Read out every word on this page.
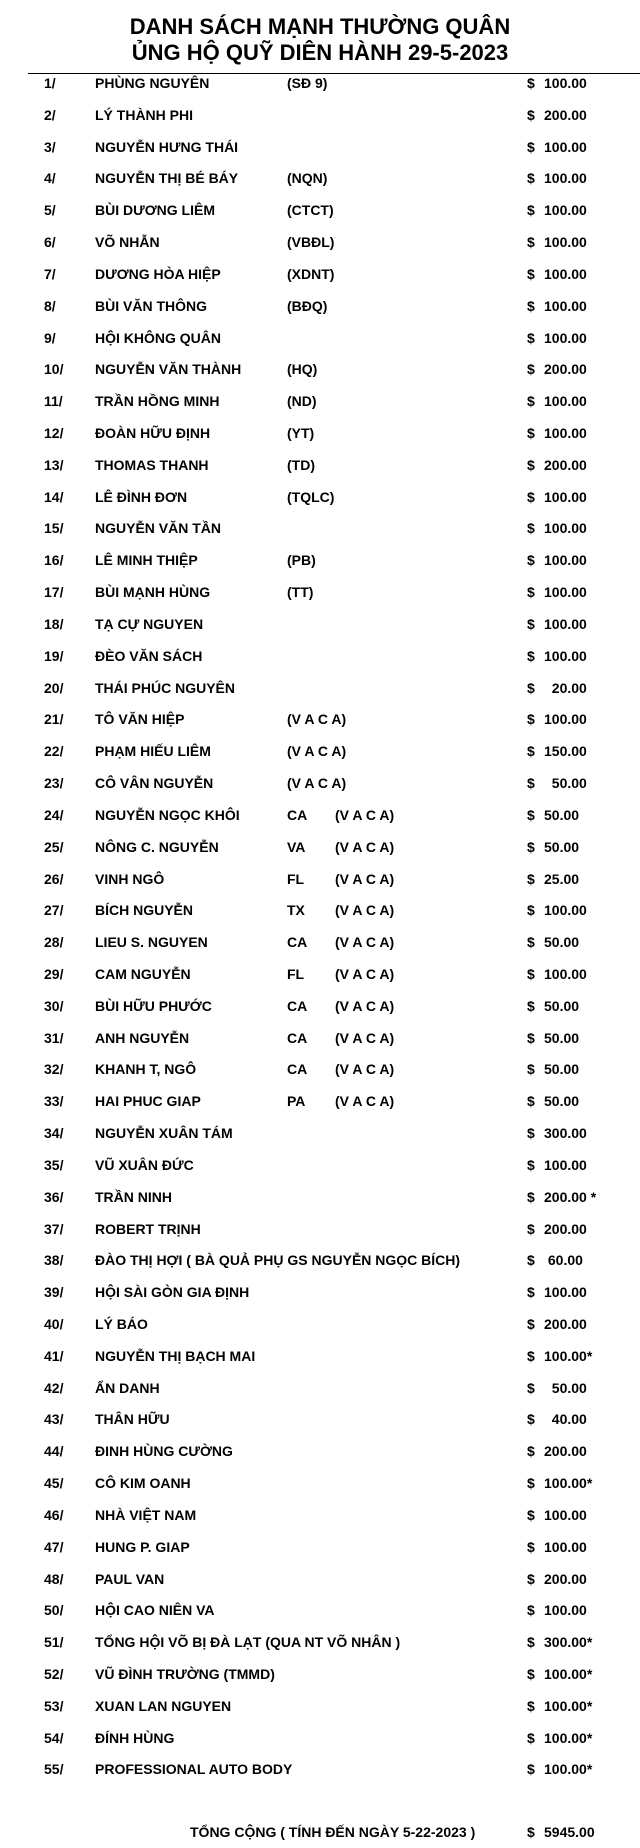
DANH SÁCH MẠNH THƯỜNG QUÂN
ỦNG HỘ QUỸ DIÊN HÀNH 29-5-2023
1/	PHÙNG NGUYÊN	(SĐ 9)	$ 100.00
2/	LÝ THÀNH PHI	$ 200.00
3/	NGUYỄN HƯNG THÁI	$ 100.00
4/	NGUYỄN THỊ BÉ BÁY	(NQN)	$ 100.00
5/	BÙI DƯƠNG LIÊM	(CTCT)	$ 100.00
6/	VÕ NHẪN	(VBĐL)	$ 100.00
7/	DƯƠNG HÒA HIỆP	(XDNT)	$ 100.00
8/	BÙI VĂN THÔNG	(BĐQ)	$ 100.00
9/	HỘI KHÔNG QUÂN	$ 100.00
10/ NGUYỄN VĂN THÀNH	(HQ)	$ 200.00
11/ TRẦN HỒNG MINH	(ND)	$ 100.00
12/ ĐOÀN HỮU ĐỊNH	(YT)	$ 100.00
13/ THOMAS THANH	(TD)	$ 200.00
14/ LÊ ĐÌNH ĐƠN	(TQLC)	$ 100.00
15/ NGUYỄN VĂN TẦN	$ 100.00
16/ LÊ MINH THIỆP	(PB)	$ 100.00
17/ BÙI MẠNH HÙNG	(TT)	$ 100.00
18/ TẠ CỰ NGUYEN	$ 100.00
19/ ĐÈO VĂN SÁCH	$ 100.00
20/ THÁI PHÚC NGUYÊN	$ 20.00
21/ TÔ VĂN HIỆP	(V A C A)	$ 100.00
22/ PHẠM HIẾU LIÊM	(V A C A)	$ 150.00
23/ CÔ VÂN NGUYỄN	(V A C A)	$ 50.00
24/ NGUYỄN NGỌC KHÔI	CA (V A C A)	$ 50.00
25/ NÔNG C. NGUYỄN	VA (V A C A)	$ 50.00
26/ VINH NGÔ	FL (V A C A)	$ 25.00
27/ BÍCH NGUYỄN	TX (V A C A)	$ 100.00
28/ LIEU S. NGUYEN	CA (V A C A)	$ 50.00
29/ CAM NGUYỄN	FL (V A C A)	$ 100.00
30/ BÙI HỮU PHƯỚC	CA (V A C A)	$ 50.00
31/ ANH NGUYỄN	CA (V A C A)	$ 50.00
32/ KHANH T, NGÔ	CA (V A C A)	$ 50.00
33/ HAI PHUC GIAP	PA (V A C A)	$ 50.00
34/ NGUYỄN XUÂN TÁM	$ 300.00
35/ VŨ XUÂN ĐỨC	$ 100.00
36/ TRẦN NINH	$ 200.00 *
37/ ROBERT TRỊNH	$ 200.00
38/ ĐÀO THỊ HỢI ( BÀ QUẢ PHỤ GS NGUYỄN NGỌC BÍCH)	$ 60.00
39/ HỘI SÀI GÒN GIA ĐỊNH	$ 100.00
40/ LÝ BÁO	$ 200.00
41/ NGUYỄN THỊ BẠCH MAI	$ 100.00*
42/ ẨN DANH	$ 50.00
43/ THÂN HỮU	$ 40.00
44/ ĐINH HÙNG CƯỜNG	$ 200.00
45/ CÔ KIM OANH	$ 100.00*
46/ NHÀ VIỆT NAM	$ 100.00
47/ HUNG P. GIAP	$ 100.00
48/ PAUL VAN	$ 200.00
50/ HỘI CAO NIÊN VA	$ 100.00
51/ TỔNG HỘI VÕ BỊ ĐÀ LẠT (QUA NT VÕ NHÂN )	$ 300.00*
52/ VŨ ĐÌNH TRƯỜNG (TMMD)	$ 100.00*
53/ XUAN LAN NGUYEN	$ 100.00*
54/ ĐÍNH HÙNG	$ 100.00*
55/ PROFESSIONAL AUTO BODY	$ 100.00*
TỔNG CỘNG ( TÍNH ĐẾN NGÀY 5-22-2023 )	$ 5945.00
